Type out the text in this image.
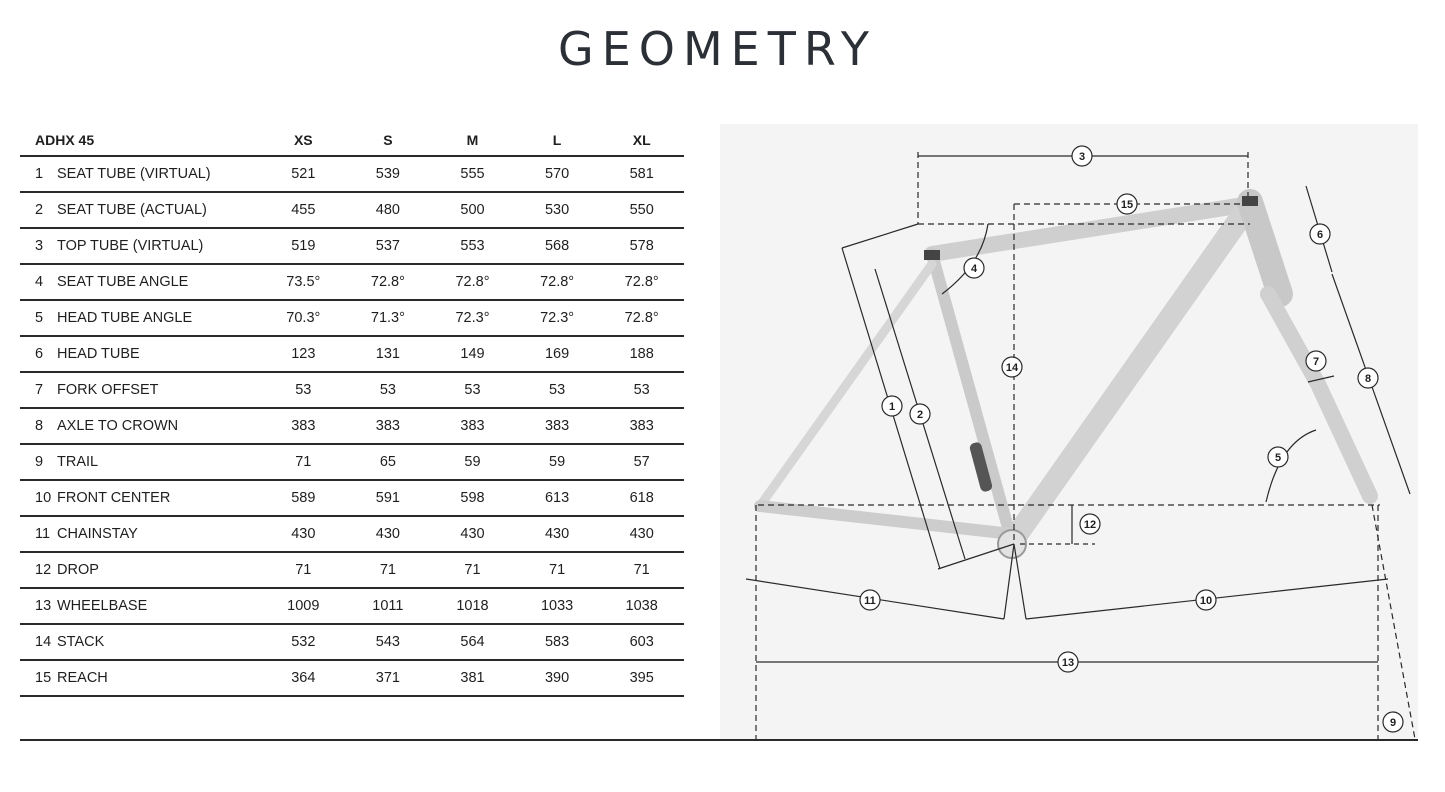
GEOMETRY
ADHX 45	XS	S	M	L	XL
1 SEAT TUBE (VIRTUAL)	521	539	555	570	581
2 SEAT TUBE (ACTUAL)	455	480	500	530	550
3 TOP TUBE (VIRTUAL)	519	537	553	568	578
4 SEAT TUBE ANGLE	73.5°	72.8°	72.8°	72.8°	72.8°
5 HEAD TUBE ANGLE	70.3°	71.3°	72.3°	72.3°	72.8°
6 HEAD TUBE	123	131	149	169	188
7 FORK OFFSET	53	53	53	53	53
8 AXLE TO CROWN	383	383	383	383	383
9 TRAIL	71	65	59	59	57
10 FRONT CENTER	589	591	598	613	618
11 CHAINSTAY	430	430	430	430	430
12 DROP	71	71	71	71	71
13 WHEELBASE	1009	1011	1018	1033	1038
14 STACK	532	543	564	583	603
15 REACH	364	371	381	390	395
1
2
3
4
5
6
7
8
9
10
11
12
13
14
15
